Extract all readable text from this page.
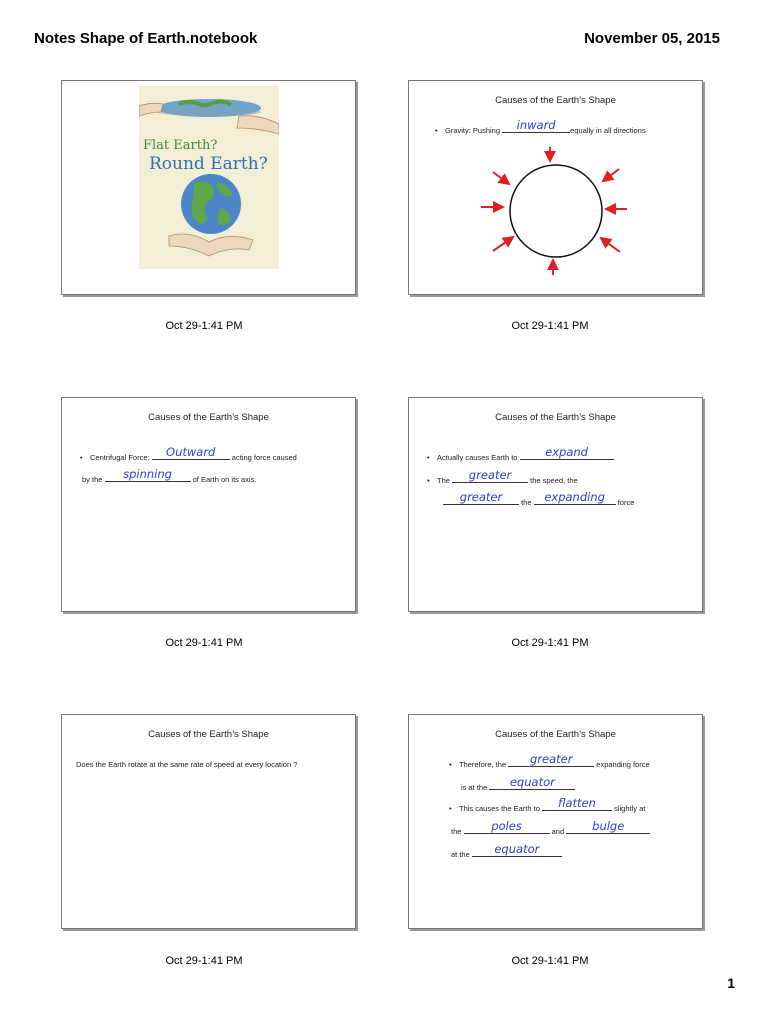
Notes Shape of Earth.notebook	November 05, 2015
Flat Earth?
Round Earth?
Causes of the Earth’s Shape
• Gravity: Pushing	inward	equally in all directions
Causes of the Earth’s Shape
• Centrifugal Force:	Outward	acting force caused
by the	spinning	of Earth on its axis.
Causes of the Earth’s Shape
• Actually causes Earth to	expand
• The	greater	the speed, the
greater	the	expanding	force
Causes of the Earth’s Shape
Does the Earth rotate at the same rate of speed at every location ?
Causes of the Earth’s Shape
• Therefore, the	greater	expanding force
is at the	equator
• This causes the Earth to	flatten	slightly at
the	poles	and	bulge
at the	equator
Oct 29-1:41 PM	Oct 29-1:41 PM
Oct 29-1:41 PM	Oct 29-1:41 PM
Oct 29-1:41 PM	Oct 29-1:41 PM
1
